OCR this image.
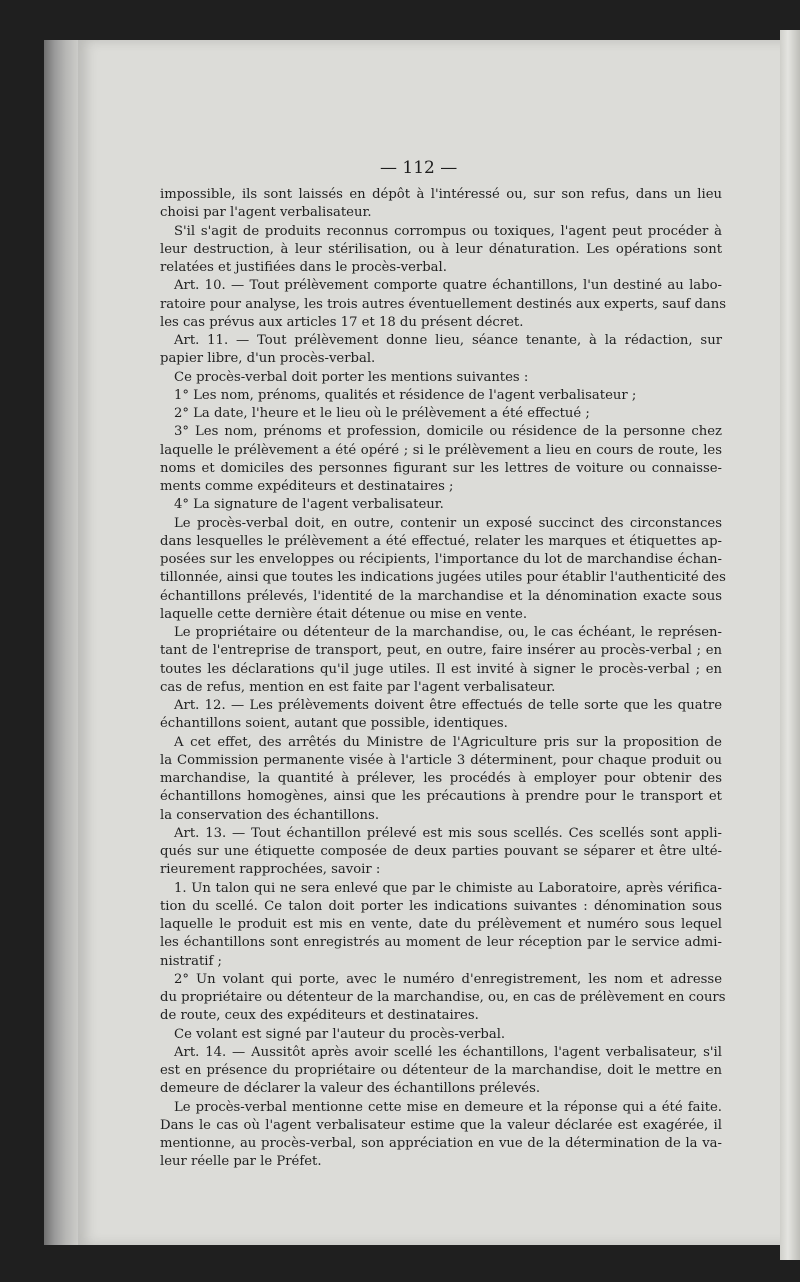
— 112 —
impossible, ils sont laissés en dépôt à l'intéressé ou, sur son refus, dans un lieu
choisi par l'agent verbalisateur.
S'il s'agit de produits reconnus corrompus ou toxiques, l'agent peut procéder à
leur destruction, à leur stérilisation, ou à leur dénaturation. Les opérations sont
relatées et justifiées dans le procès-verbal.
Art. 10. — Tout prélèvement comporte quatre échantillons, l'un destiné au labo-
ratoire pour analyse, les trois autres éventuellement destinés aux experts, sauf dans
les cas prévus aux articles 17 et 18 du présent décret.
Art. 11. — Tout prélèvement donne lieu, séance tenante, à la rédaction, sur
papier libre, d'un procès-verbal.
Ce procès-verbal doit porter les mentions suivantes :
1° Les nom, prénoms, qualités et résidence de l'agent verbalisateur ;
2° La date, l'heure et le lieu où le prélèvement a été effectué ;
3° Les nom, prénoms et profession, domicile ou résidence de la personne chez
laquelle le prélèvement a été opéré ; si le prélèvement a lieu en cours de route, les
noms et domiciles des personnes figurant sur les lettres de voiture ou connaisse-
ments comme expéditeurs et destinataires ;
4° La signature de l'agent verbalisateur.
Le procès-verbal doit, en outre, contenir un exposé succinct des circonstances
dans lesquelles le prélèvement a été effectué, relater les marques et étiquettes ap-
posées sur les enveloppes ou récipients, l'importance du lot de marchandise échan-
tillonnée, ainsi que toutes les indications jugées utiles pour établir l'authenticité des
échantillons prélevés, l'identité de la marchandise et la dénomination exacte sous
laquelle cette dernière était détenue ou mise en vente.
Le propriétaire ou détenteur de la marchandise, ou, le cas échéant, le représen-
tant de l'entreprise de transport, peut, en outre, faire insérer au procès-verbal ; en
toutes les déclarations qu'il juge utiles. Il est invité à signer le procès-verbal ; en
cas de refus, mention en est faite par l'agent verbalisateur.
Art. 12. — Les prélèvements doivent être effectués de telle sorte que les quatre
échantillons soient, autant que possible, identiques.
A cet effet, des arrêtés du Ministre de l'Agriculture pris sur la proposition de
la Commission permanente visée à l'article 3 déterminent, pour chaque produit ou
marchandise, la quantité à prélever, les procédés à employer pour obtenir des
échantillons homogènes, ainsi que les précautions à prendre pour le transport et
la conservation des échantillons.
Art. 13. — Tout échantillon prélevé est mis sous scellés. Ces scellés sont appli-
qués sur une étiquette composée de deux parties pouvant se séparer et être ulté-
rieurement rapprochées, savoir :
1. Un talon qui ne sera enlevé que par le chimiste au Laboratoire, après vérifica-
tion du scellé. Ce talon doit porter les indications suivantes : dénomination sous
laquelle le produit est mis en vente, date du prélèvement et numéro sous lequel
les échantillons sont enregistrés au moment de leur réception par le service admi-
nistratif ;
2° Un volant qui porte, avec le numéro d'enregistrement, les nom et adresse
du propriétaire ou détenteur de la marchandise, ou, en cas de prélèvement en cours
de route, ceux des expéditeurs et destinataires.
Ce volant est signé par l'auteur du procès-verbal.
Art. 14. — Aussitôt après avoir scellé les échantillons, l'agent verbalisateur, s'il
est en présence du propriétaire ou détenteur de la marchandise, doit le mettre en
demeure de déclarer la valeur des échantillons prélevés.
Le procès-verbal mentionne cette mise en demeure et la réponse qui a été faite.
Dans le cas où l'agent verbalisateur estime que la valeur déclarée est exagérée, il
mentionne, au procès-verbal, son appréciation en vue de la détermination de la va-
leur réelle par le Préfet.
